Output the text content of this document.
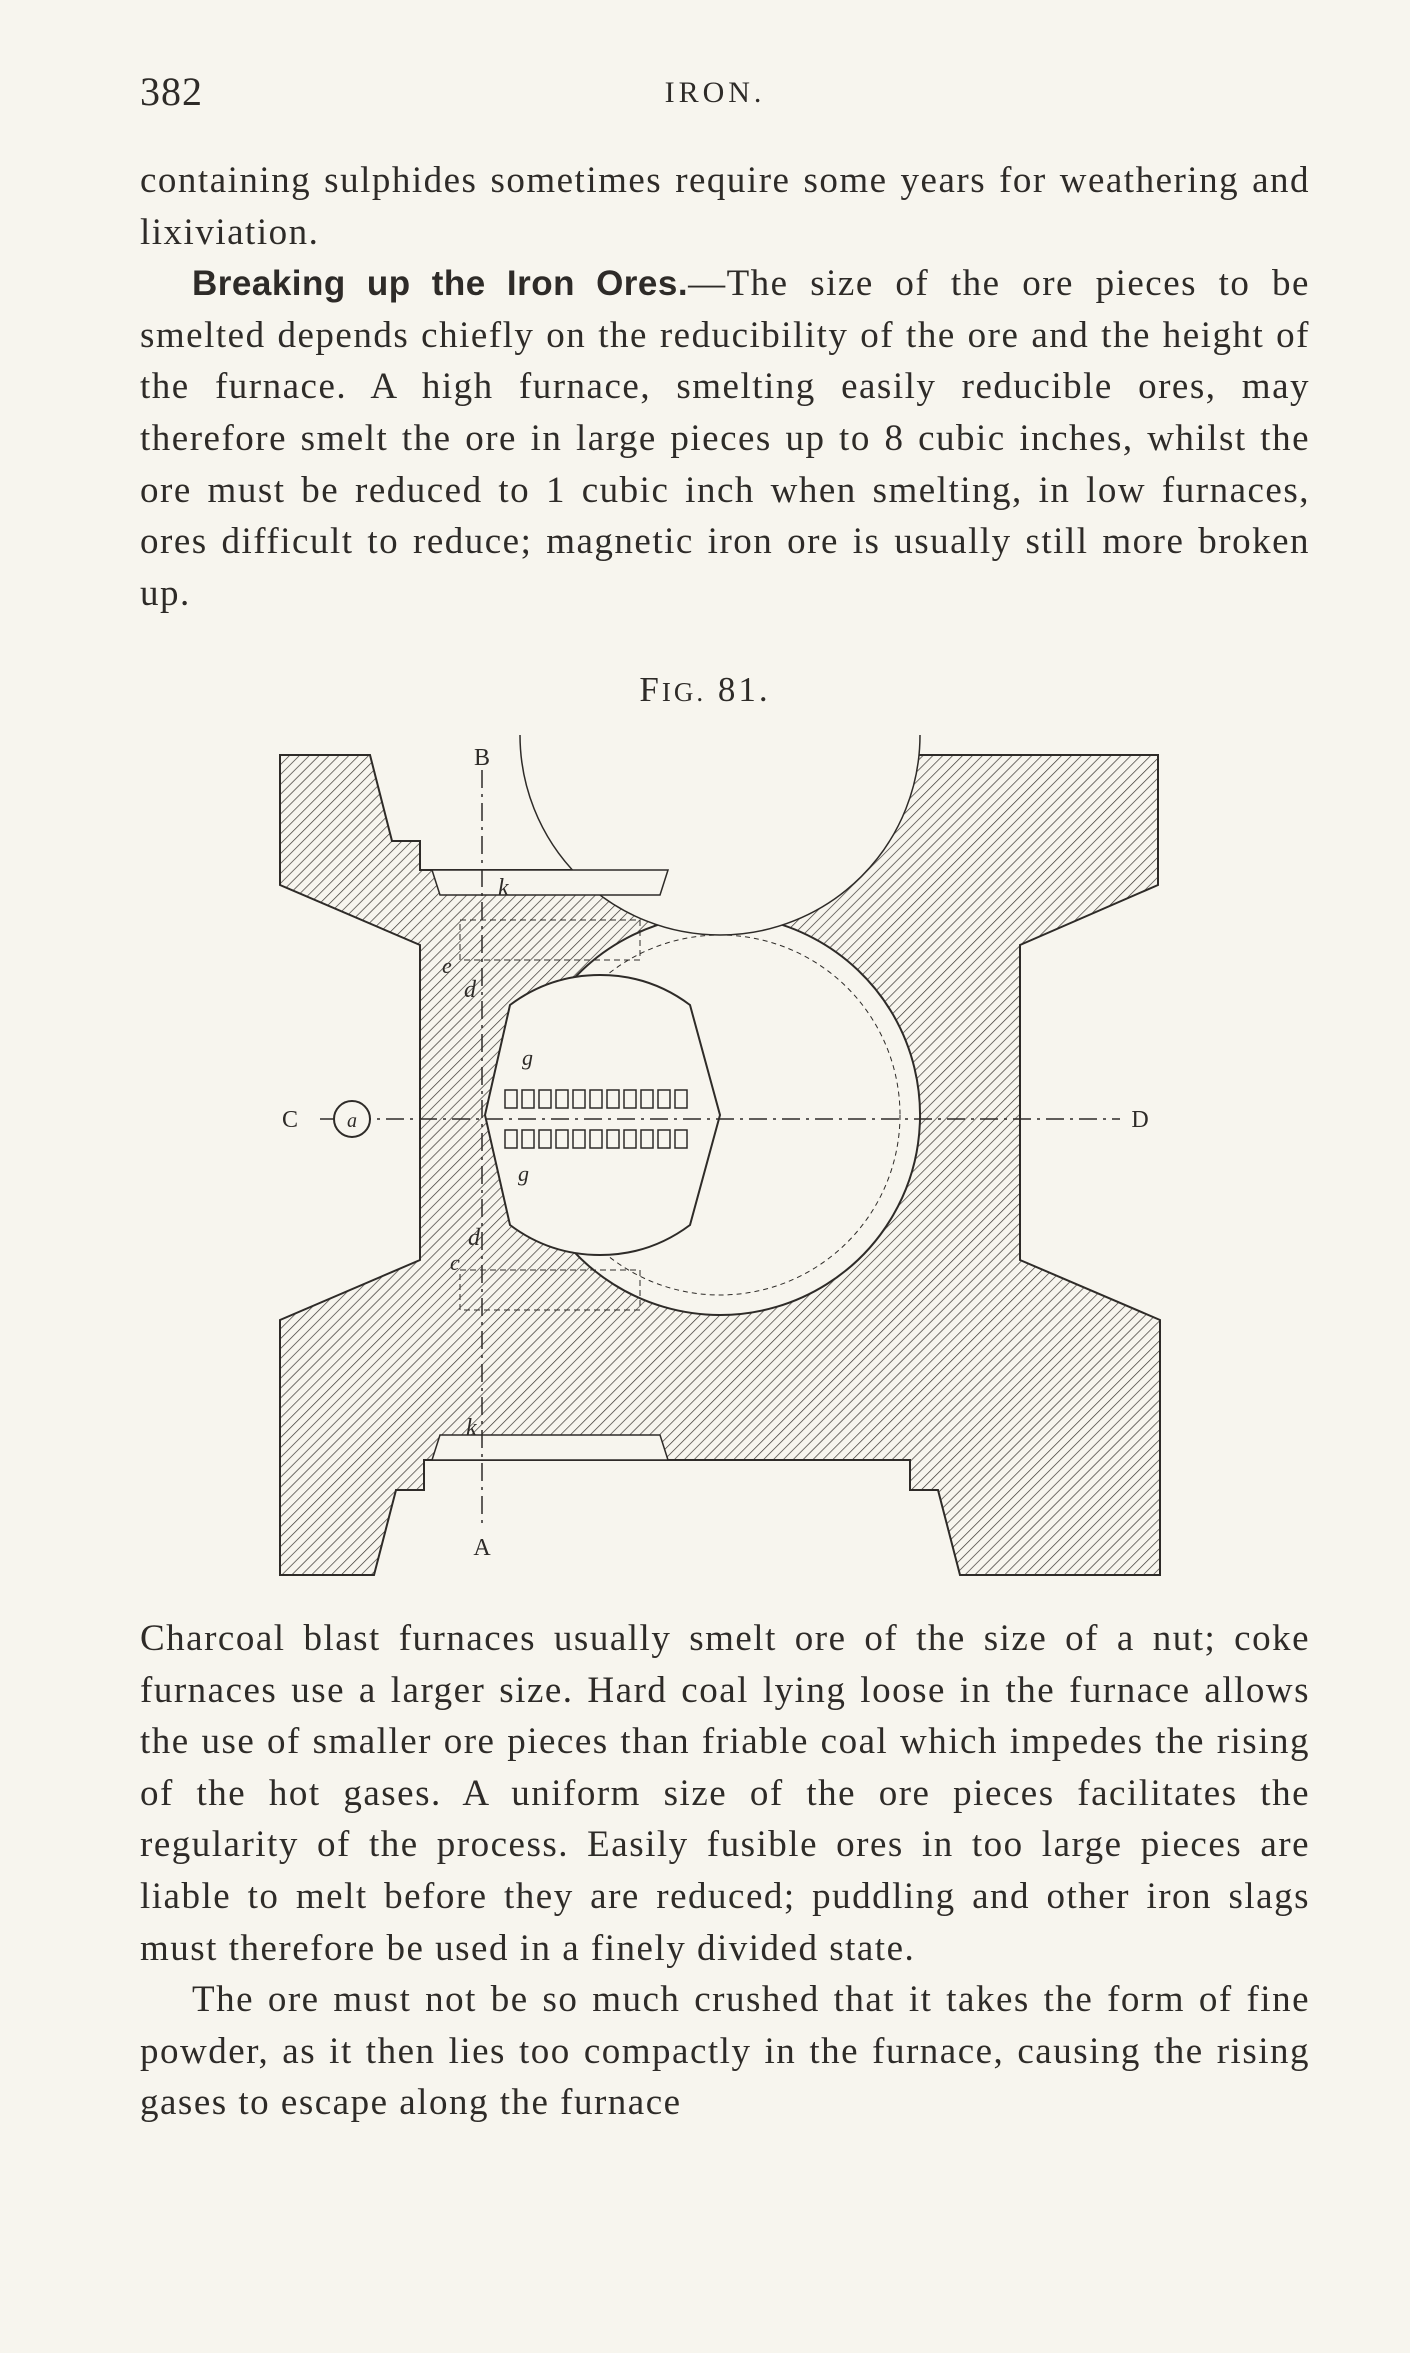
382	IRON.

containing sulphides sometimes require some years for weathering and lixiviation.

Breaking up the Iron Ores.—The size of the ore pieces to be smelted depends chiefly on the reducibility of the ore and the height of the furnace. A high furnace, smelting easily reducible ores, may therefore smelt the ore in large pieces up to 8 cubic inches, whilst the ore must be reduced to 1 cubic inch when smelting, in low furnaces, ores difficult to reduce; magnetic iron ore is usually still more broken up.

FIG. 81.
B
A
C	D
a
k
k
e
c
d
d
g
g

Charcoal blast furnaces usually smelt ore of the size of a nut; coke furnaces use a larger size. Hard coal lying loose in the furnace allows the use of smaller ore pieces than friable coal which impedes the rising of the hot gases. A uniform size of the ore pieces facilitates the regularity of the process. Easily fusible ores in too large pieces are liable to melt before they are reduced; puddling and other iron slags must therefore be used in a finely divided state.

The ore must not be so much crushed that it takes the form of fine powder, as it then lies too compactly in the furnace, causing the rising gases to escape along the furnace
